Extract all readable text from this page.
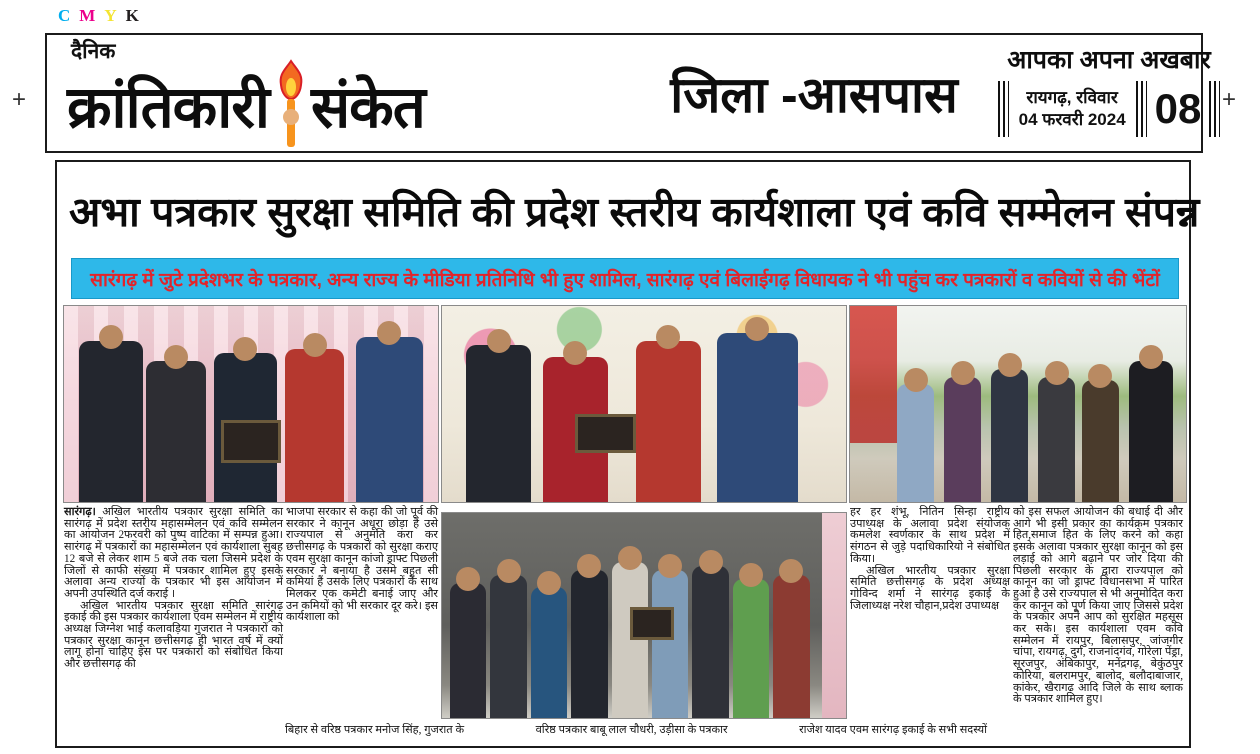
C M Y K
+	+
दैनिक
क्रांतिकारी संकेत	जिला -आसपास
आपका अपना अखबार
रायगढ़, रविवार
04 फरवरी 2024 08
अभा पत्रकार सुरक्षा समिति की प्रदेश स्तरीय कार्यशाला एवं कवि सम्मेलन संपन्न
सारंगढ़ में जुटे प्रदेशभर के पत्रकार, अन्य राज्य के मीडिया प्रतिनिधि भी हुए शामिल, सारंगढ़ एवं बिलाईगढ़ विधायक ने भी पहुंच कर पत्रकारों व कवियों से की भेंटों

सारंगढ़। अखिल भारतीय पत्रकार सुरक्षा समिति का सारंगढ़ में प्रदेश स्तरीय महासम्मेलन एवं कवि सम्मेलन का आयोजन 2फरवरी को पुष्प वाटिका में सम्पन्न हुआ। सारंगढ़ में पत्रकारों का महासम्मेलन एवं कार्यशाला सुबह 12 बजे से लेकर शाम 5 बजे तक चला जिसमे प्रदेश के जिलों से काफी संख्या में पत्रकार शामिल हुए इसके अलावा अन्य राज्यों के पत्रकार भी इस आयोजन में अपनी उपस्थिति दर्ज कराई ।

अखिल भारतीय पत्रकार सुरक्षा समिति सारंगढ़ इकाई की इस पत्रकार कार्यशाला एवम सम्मेलन में राष्ट्रीय अध्यक्ष जिग्नेश भाई कलावड़िया गुजरात ने पत्रकारों को पत्रकार सुरक्षा कानून छत्तीसगढ़ ही भारत वर्ष में क्यों लागू होना चाहिए इस पर पत्रकारों को संबोधित किया और छत्तीसगढ़ की

भाजपा सरकार से कहा की जो पूर्व की सरकार ने कानून अधूरा छोड़ा हैं उसे राज्यपाल से अनुमति करा कर छत्तीसगढ़ के पत्रकारों को सुरक्षा कराए एवम सुरक्षा कानून कांजो ड्राफ्ट पिछली सरकार ने बनाया है उसमे बहुत सी कमियां हैं उसके लिए पत्रकारों के साथ मिलकर एक कमेटी बनाई जाए और उन कमियों को भी सरकार दूर करे। इस कार्यशाला को

हर हर शंभू, नितिन सिन्हा राष्ट्रीय उपाध्यक्ष के अलावा प्रदेश संयोजक कमलेश स्वर्णकार के साथ प्रदेश में संगठन से जुड़े पदाधिकारियो ने संबोधित किया।

अखिल भारतीय पत्रकार सुरक्षा समिति छत्तीसगढ़ के प्रदेश अध्यक्ष गोविन्द शर्मा ने सारंगढ़ इकाई के जिलाध्यक्ष नरेश चौहान,प्रदेश उपाध्यक्ष

को इस सफल आयोजन की बधाई दी और आगे भी इसी प्रकार का कार्यक्रम पत्रकार हित,समाज हित के लिए करने को कहा इसके अलावा पत्रकार सुरक्षा कानून को इस लड़ाई को आगे बढ़ाने पर जोर दिया की पिछली सरकार के द्वारा राज्यपाल को कानून का जो ड्राफ्ट विधानसभा में पारित हुआ है उसे राज्यपाल से भी अनुमोदित करा कर कानून को पूर्ण किया जाए जिससे प्रदेश के पत्रकार अपने आप को सुरक्षित महसूस कर सके। इस कार्यशाला एवम कवि सम्मेलन में रायपुर, बिलासपुर, जांजगीर चांपा, रायगढ़, दुर्ग, राजनांदगंव, गोरेला पेंड्रा, सूरजपुर, अंबिकापुर, मनेंद्रगढ़, बेकुंठपुर कोरिया, बलरामपुर, बालोद, बलौदाबाजार, कांकेर, खैरागढ़ आदि जिले के साथ ब्लाक के पत्रकार शामिल हुए।

बिहार से वरिष्ठ पत्रकार मनोज सिंह, गुजरात के	वरिष्ठ पत्रकार बाबू लाल चौधरी, उड़ीसा के पत्रकार	राजेश यादव एवम सारंगढ़ इकाई के सभी सदस्यों
